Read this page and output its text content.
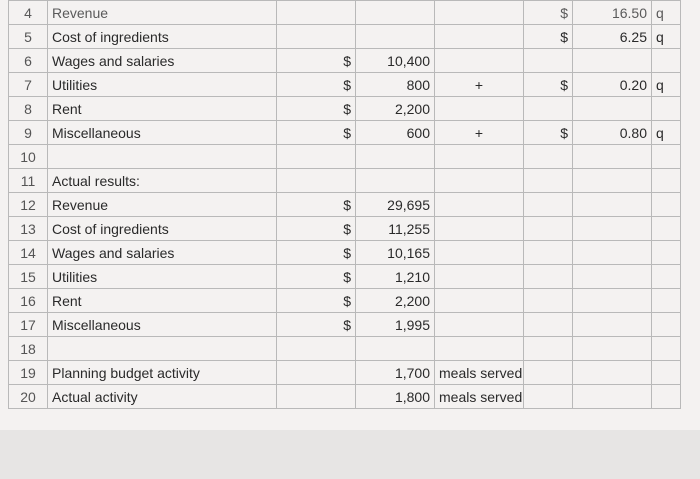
4	Revenue				$	16.50	q
5	Cost of ingredients				$	6.25	q
6	Wages and salaries	$	10,400				
7	Utilities	$	800	+	$	0.20	q
8	Rent	$	2,200				
9	Miscellaneous	$	600	+	$	0.80	q
10							
11	Actual results:						
12	Revenue	$	29,695				
13	Cost of ingredients	$	11,255				
14	Wages and salaries	$	10,165				
15	Utilities	$	1,210				
16	Rent	$	2,200				
17	Miscellaneous	$	1,995				
18							
19	Planning budget activity		1,700	meals served			
20	Actual activity		1,800	meals served			
